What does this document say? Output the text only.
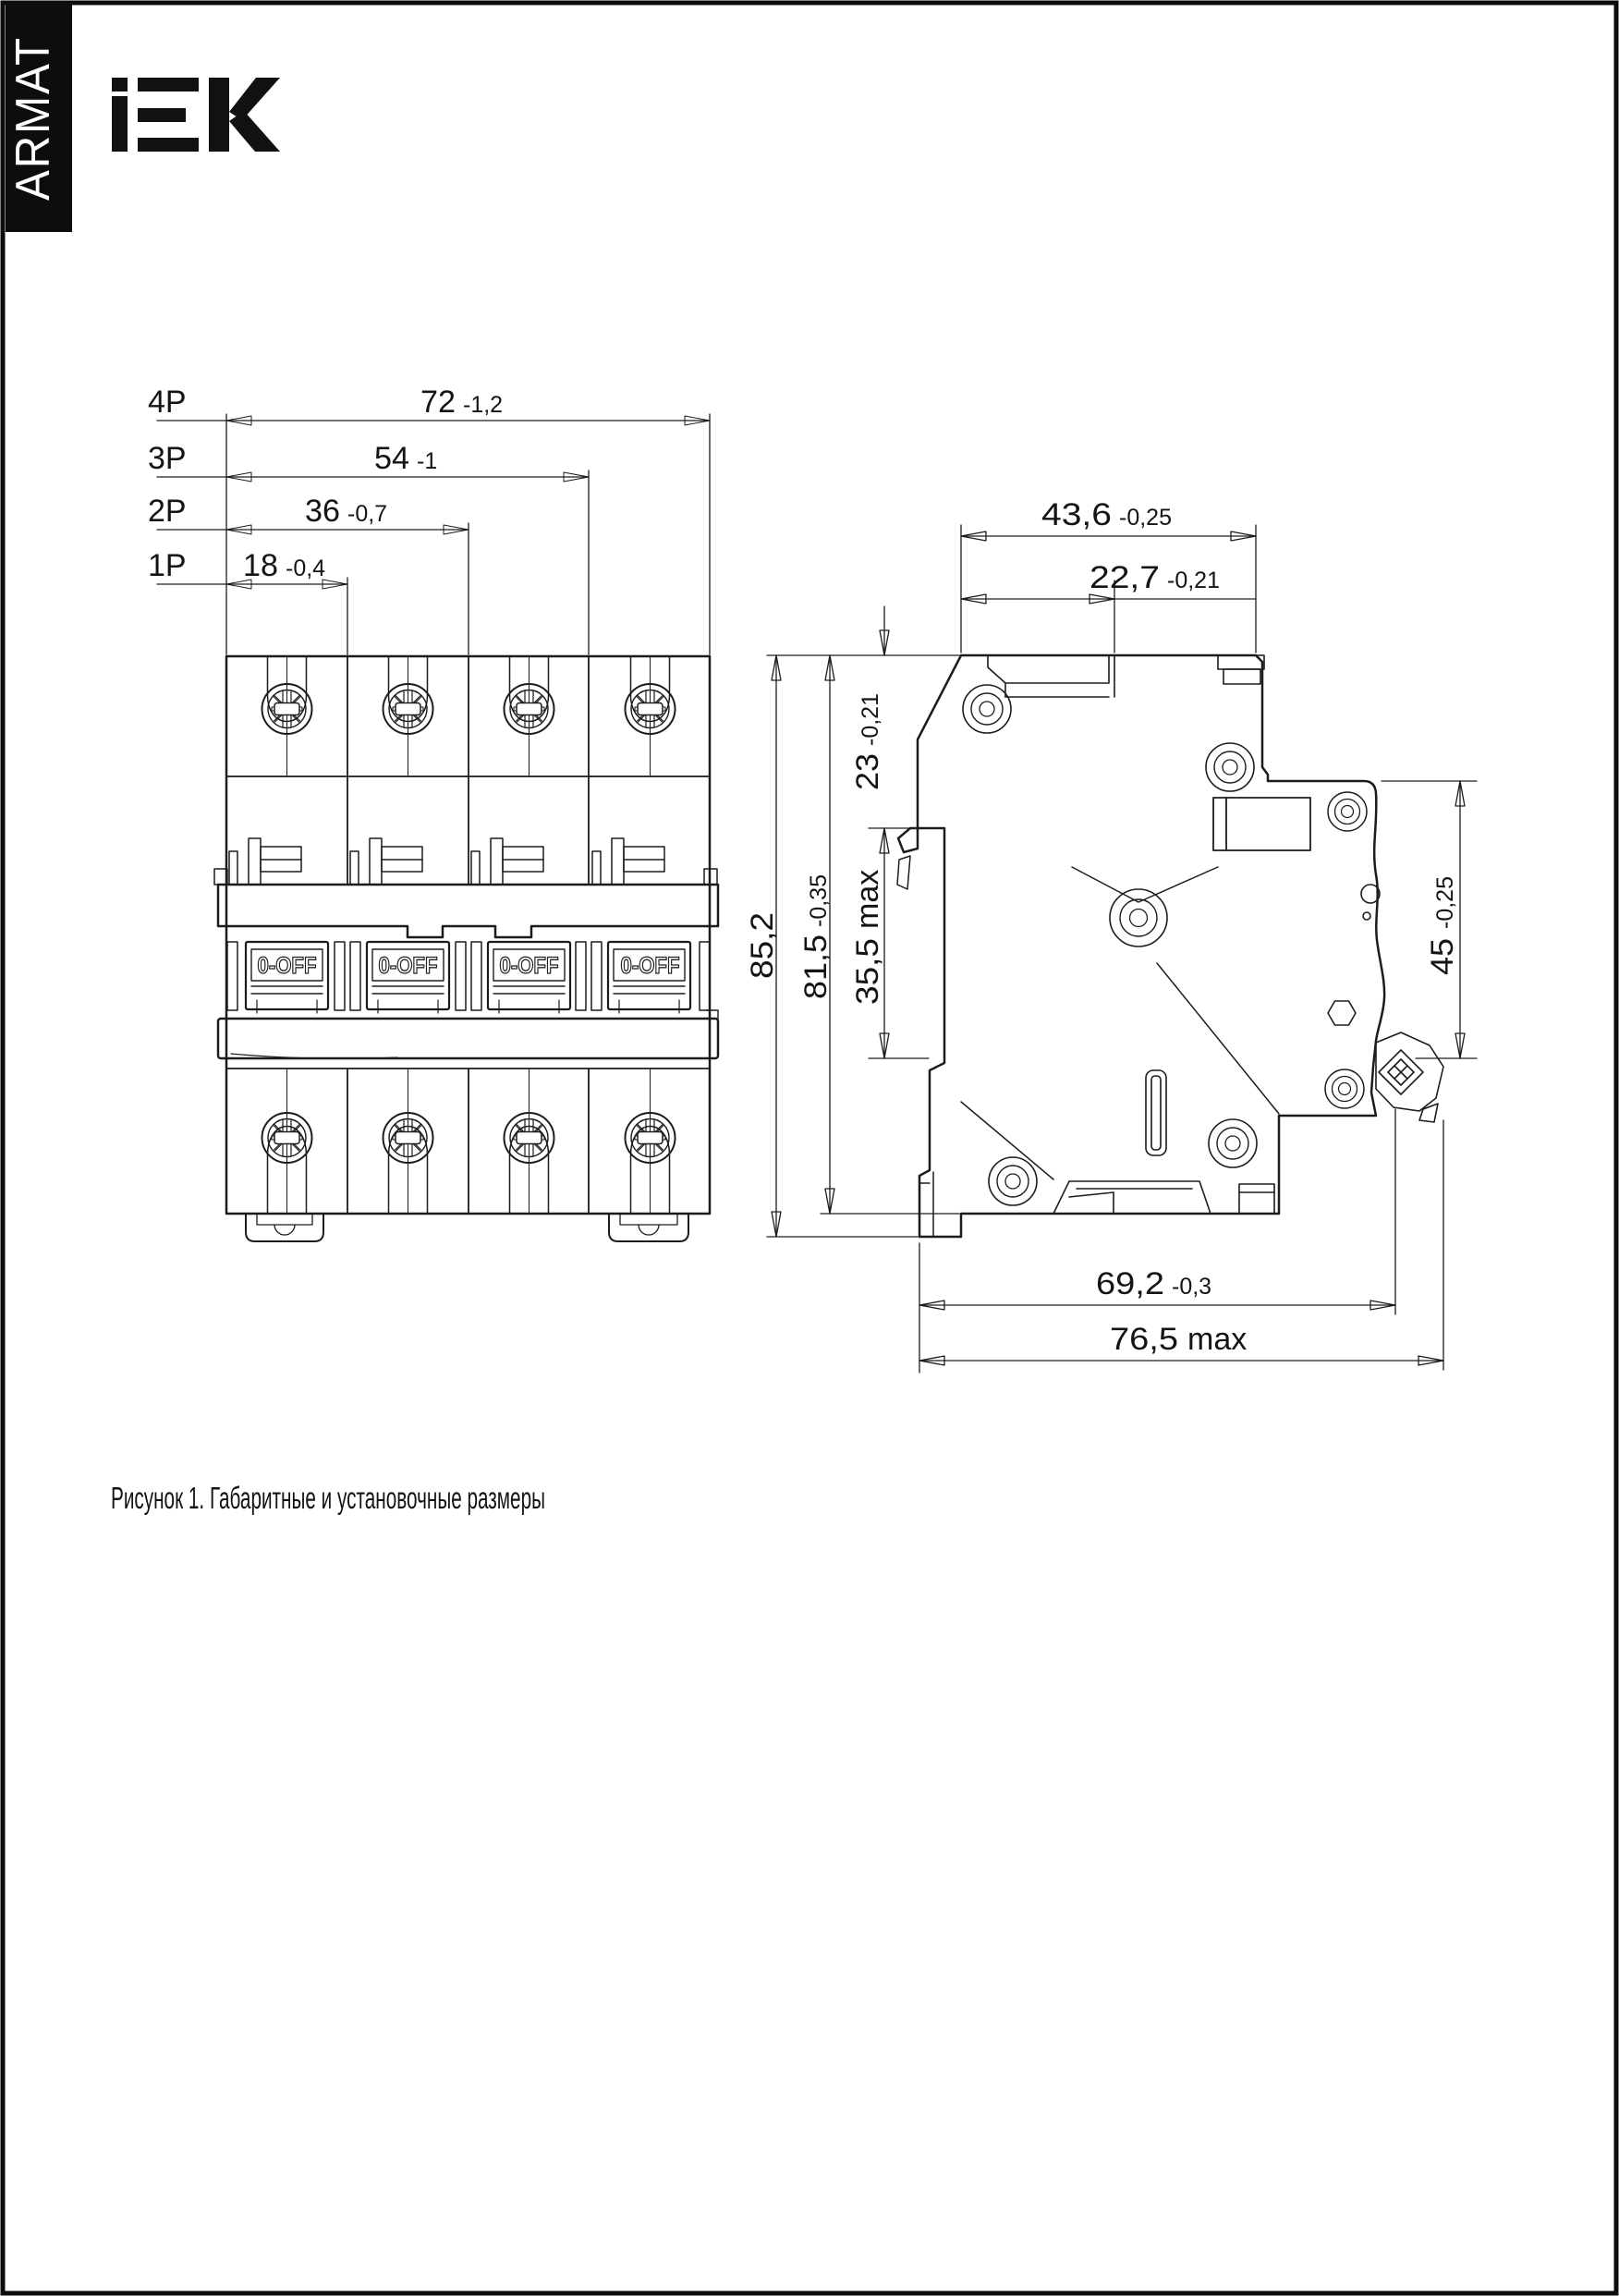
ARMAT
4P
3P
2P
1P
72 -1,2
54 -1
36 -0,7
18 -0,4
0-OFF	0-OFF	0-OFF	0-OFF
43,6 -0,25
22,7 -0,21
85,2 81,5-0,35
23-0,21
35,5max
45-0,25
69,2 -0,3
76,5 max
Рисунок 1. Габаритные и установочные размеры
